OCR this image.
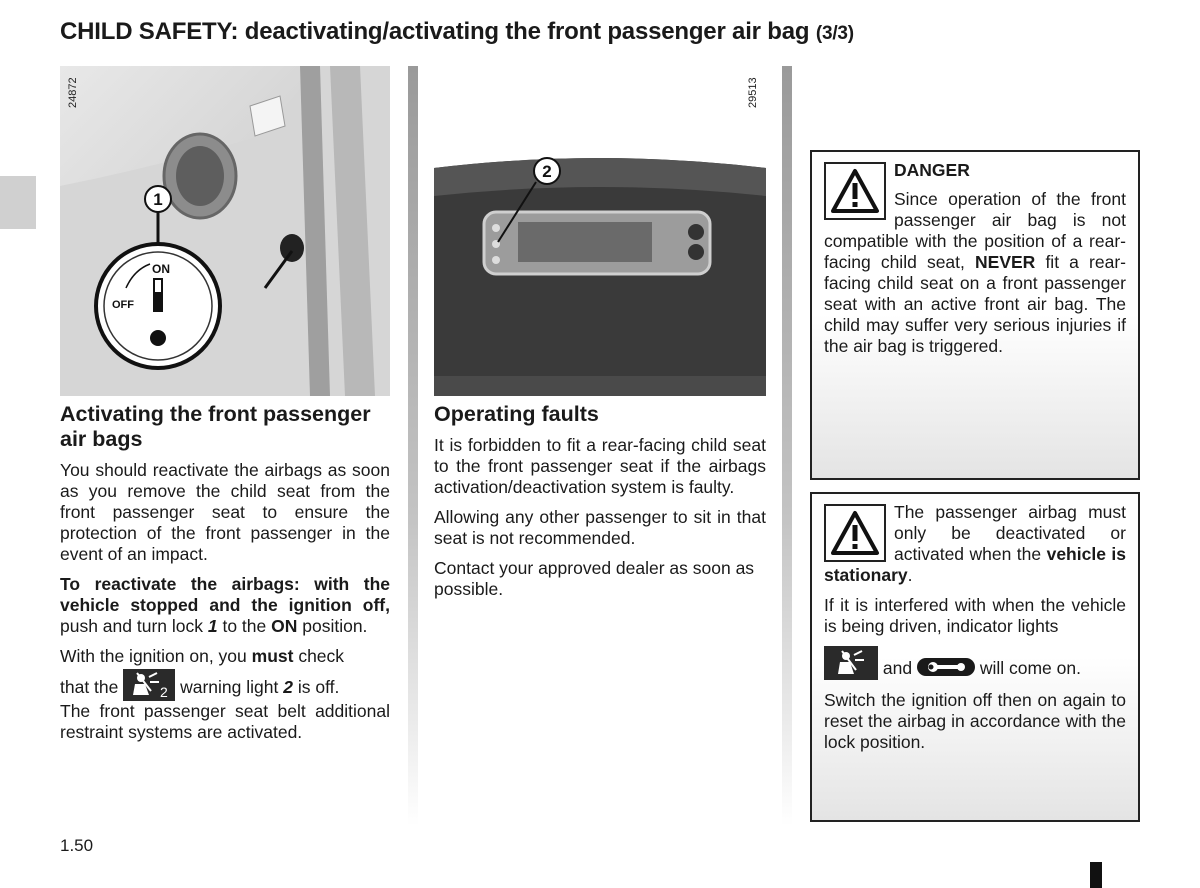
CHILD SAFETY: deactivating/activating the front passenger air bag (3/3)
1
ON
OFF
24872
2
29513
Activating the front passenger air bags

You should reactivate the airbags as soon as you remove the child seat from the front passenger seat to ensure the protection of the front passenger in the event of an impact.

To reactivate the airbags: with the vehicle stopped and the ignition off, push and turn lock 1 to the ON position.

With the ignition on, you must check

that the	2 warning light 2 is off.

The front passenger seat belt additional restraint systems are activated.

Operating faults

It is forbidden to fit a rear-facing child seat to the front passenger seat if the airbags activation/deactivation system is faulty.

Allowing any other passenger to sit in that seat is not recommended.

Contact your approved dealer as soon as possible.

DANGER

Since operation of the front passenger air bag is not compatible with the position of a rear-facing child seat, NEVER fit a rear-facing child seat on a front passenger seat with an active front air bag. The child may suffer very serious injuries if the air bag is triggered.

The passenger airbag must only be deactivated or activated when the vehicle is stationary.

If it is interfered with when the vehicle is being driven, indicator lights

and	will come on.

Switch the ignition off then on again to reset the airbag in accordance with the lock position.

1.50
